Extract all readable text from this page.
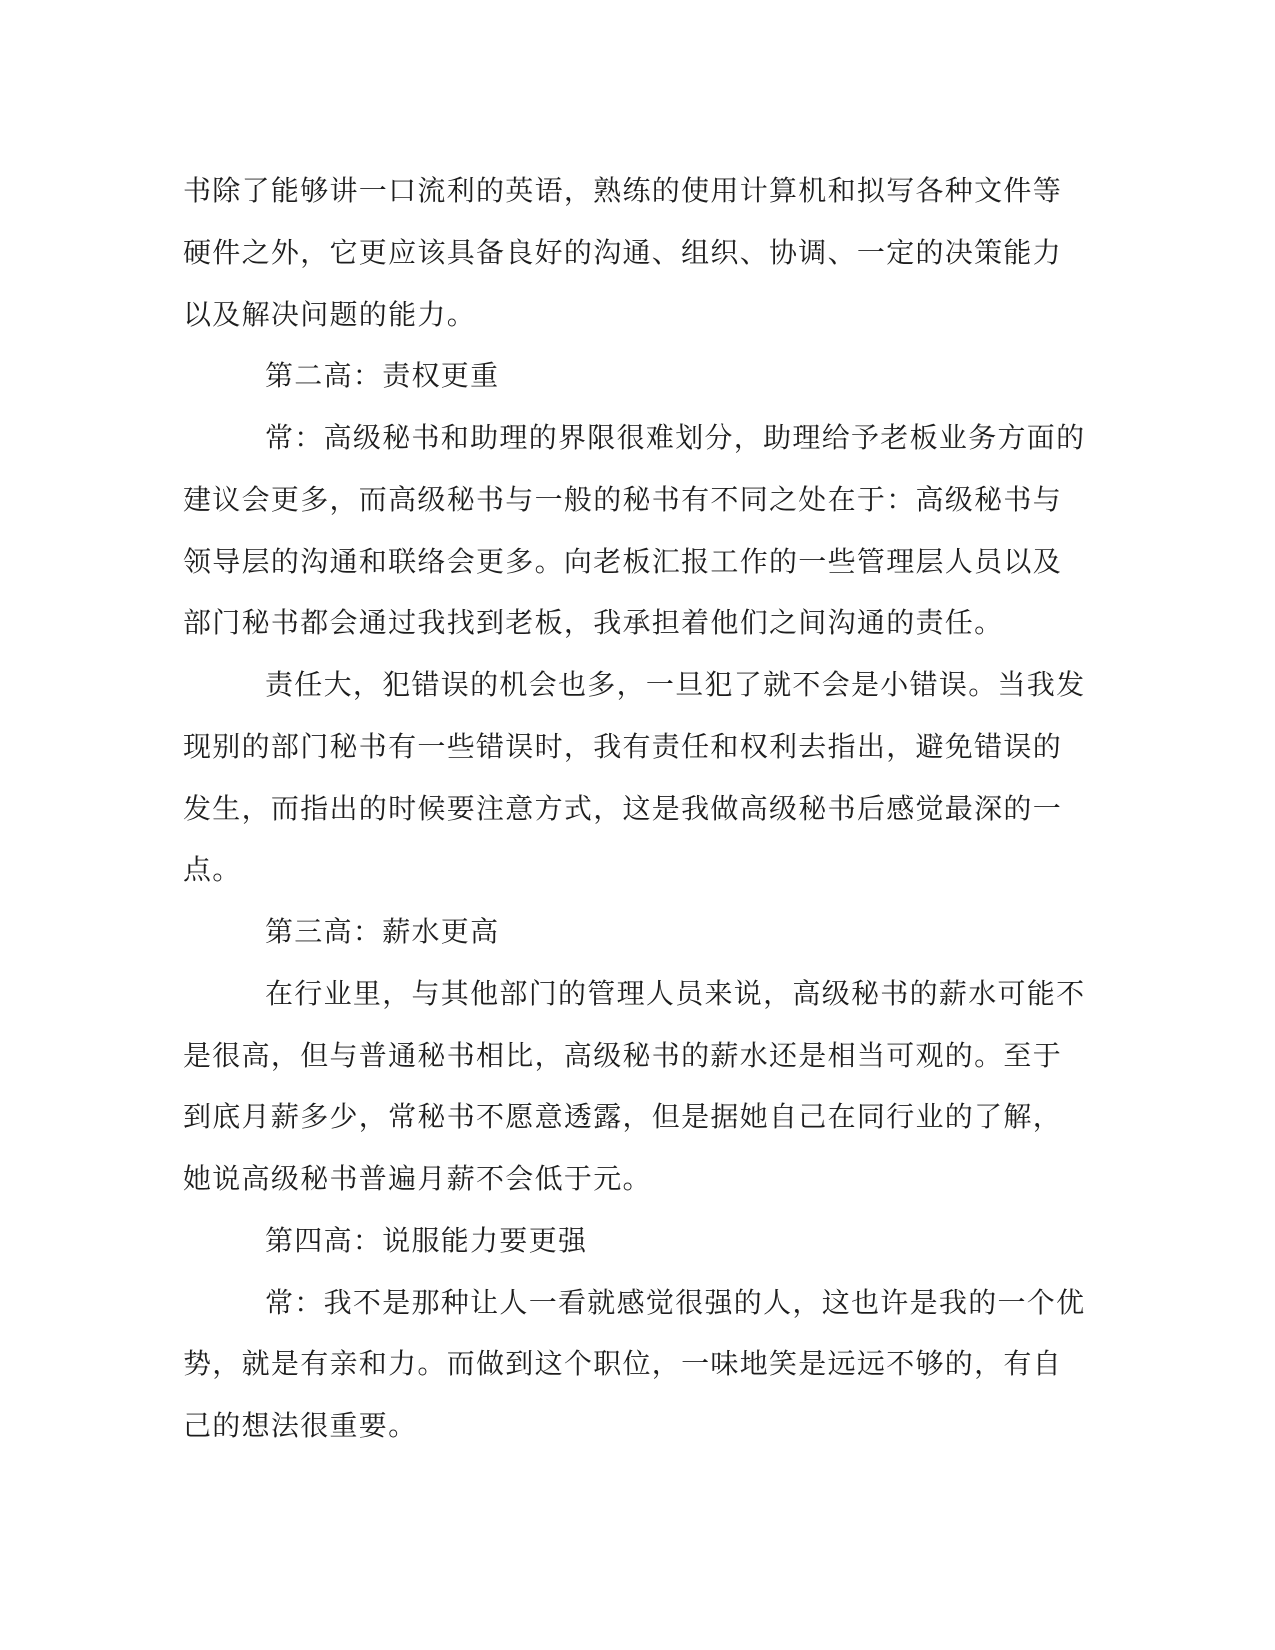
书除了能够讲一口流利的英语，熟练的使用计算机和拟写各种文件等
硬件之外，它更应该具备良好的沟通、组织、协调、一定的决策能力
以及解决问题的能力。
第二高：责权更重
常：高级秘书和助理的界限很难划分，助理给予老板业务方面的
建议会更多，而高级秘书与一般的秘书有不同之处在于：高级秘书与
领导层的沟通和联络会更多。向老板汇报工作的一些管理层人员以及
部门秘书都会通过我找到老板，我承担着他们之间沟通的责任。
责任大，犯错误的机会也多，一旦犯了就不会是小错误。当我发
现别的部门秘书有一些错误时，我有责任和权利去指出，避免错误的
发生，而指出的时候要注意方式，这是我做高级秘书后感觉最深的一
点。
第三高：薪水更高
在行业里，与其他部门的管理人员来说，高级秘书的薪水可能不
是很高，但与普通秘书相比，高级秘书的薪水还是相当可观的。至于
到底月薪多少，常秘书不愿意透露，但是据她自己在同行业的了解，
她说高级秘书普遍月薪不会低于元。
第四高：说服能力要更强
常：我不是那种让人一看就感觉很强的人，这也许是我的一个优
势，就是有亲和力。而做到这个职位，一味地笑是远远不够的，有自
己的想法很重要。
